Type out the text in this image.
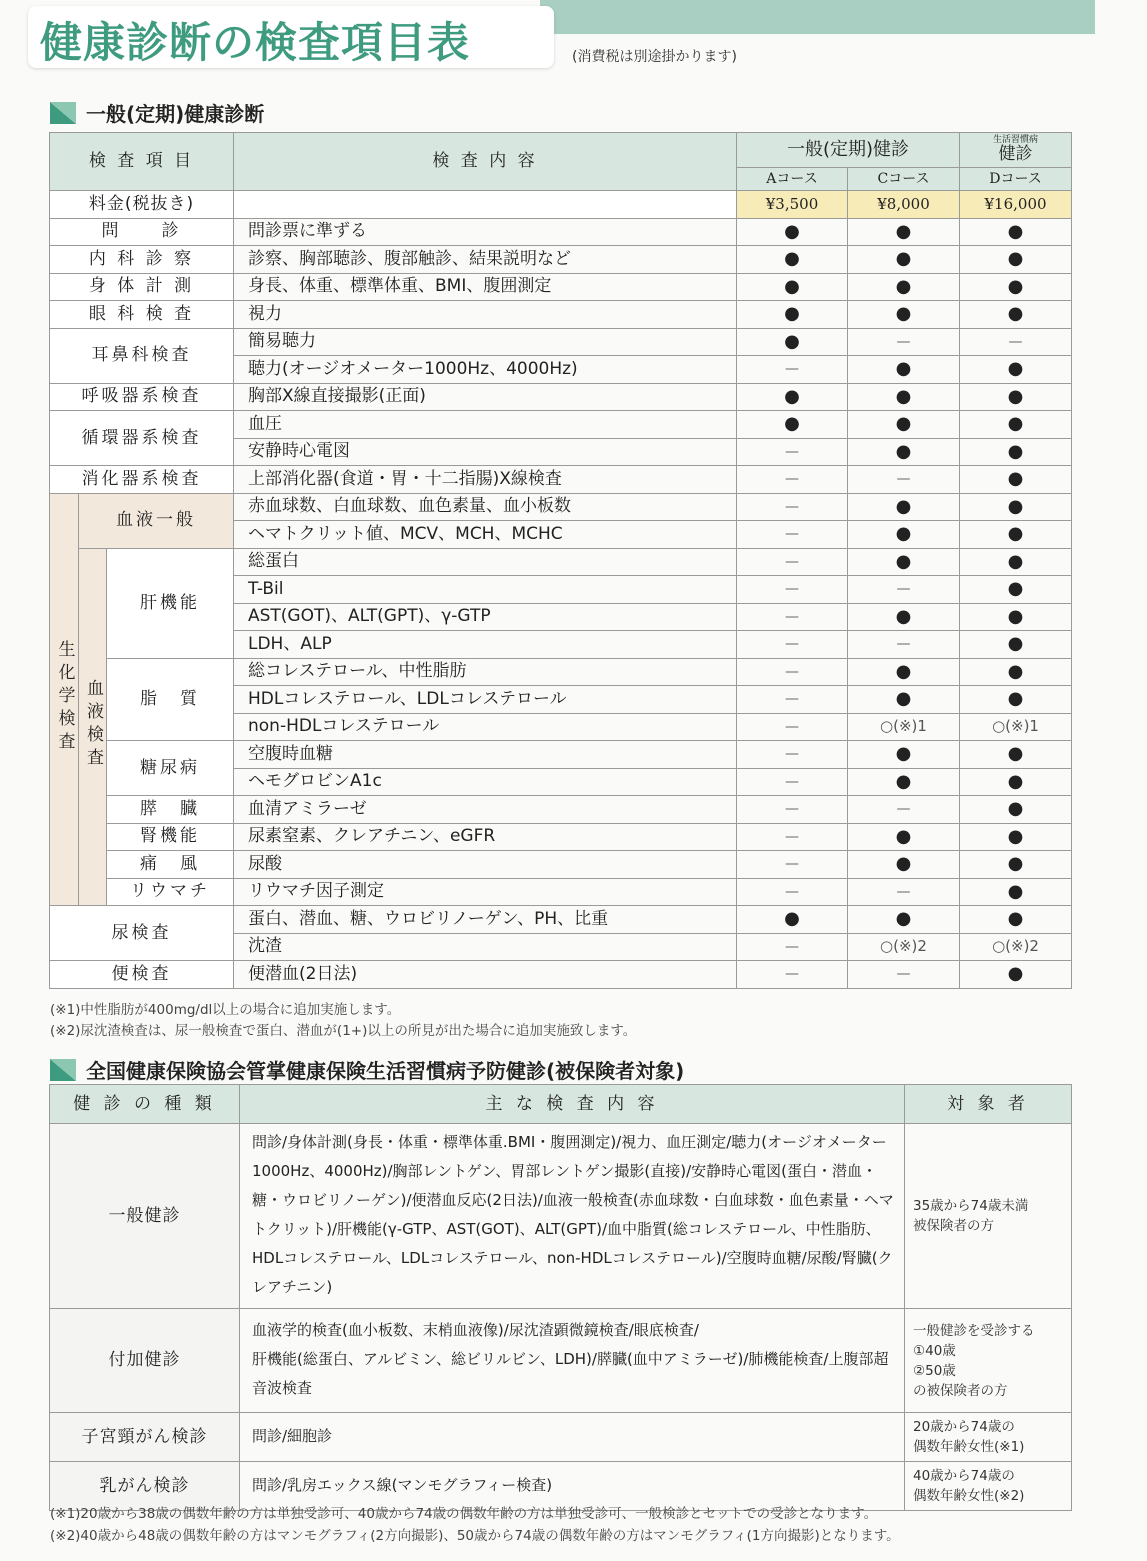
健康診断の検査項目表	(消費税は別途掛かります)
一般(定期)健康診断
検 査 項 目			検 査 内 容	一般(定期)健診		生活習慣病
健診

				Aコース	Cコース	Dコース
料金(税抜き)				¥3,500	¥8,000	¥16,000
問　　診			問診票に準ずる	●	●	●
内 科 診 察			診察、胸部聴診、腹部触診、結果説明など	●	●	●
身 体 計 測			身長、体重、標準体重、BMI、腹囲測定	●	●	●
眼 科 検 査			視力	●	●	●
耳鼻科検査			簡易聴力	●	—	—
			聴力(オージオメーター1000Hz、4000Hz)	—	●	●
呼吸器系検査			胸部X線直接撮影(正面)	●	●	●
循環器系検査			血圧	●	●	●
			安静時心電図	—	●	●
消化器系検査			上部消化器(食道・胃・十二指腸)X線検査	—	—	●
生化学検査	血液一般		赤血球数、白血球数、血色素量、血小板数	—	●	●
			ヘマトクリット値、MCV、MCH、MCHC	—	●	●
	血液検査	肝機能	総蛋白	—	●	●
			T-Bil	—	—	●
			AST(GOT)、ALT(GPT)、γ-GTP	—	●	●
			LDH、ALP	—	—	●
		脂　質	総コレステロール、中性脂肪	—	●	●
			HDLコレステロール、LDLコレステロール	—	●	●
			non-HDLコレステロール	—	○(※)1	○(※)1
		糖尿病	空腹時血糖	—	●	●
			ヘモグロビンA1c	—	●	●
		膵　臓	血清アミラーゼ	—	—	●
		腎機能	尿素窒素、クレアチニン、eGFR	—	●	●
		痛　風	尿酸	—	●	●
		リウマチ	リウマチ因子測定	—	—	●
尿検査			蛋白、潜血、糖、ウロビリノーゲン、PH、比重	●	●	●
			沈渣	—	○(※)2	○(※)2
便検査			便潜血(2日法)	—	—	●
(※1)中性脂肪が400mg/dl以上の場合に追加実施します。
(※2)尿沈渣検査は、尿一般検査で蛋白、潜血が(1+)以上の所見が出た場合に追加実施致します。
全国健康保険協会管掌健康保険生活習慣病予防健診(被保険者対象)
健 診 の 種 類	主 な 検 査 内 容	対 象 者
一般健診	問診/身体計測(身長・体重・標準体重.BMI・腹囲測定)/視力、血圧測定/聴力(オージオメーター1000Hz、4000Hz)/胸部レントゲン、胃部レントゲン撮影(直接)/安静時心電図(蛋白・潜血・糖・ウロビリノーゲン)/便潜血反応(2日法)/血液一般検査(赤血球数・白血球数・血色素量・ヘマトクリット)/肝機能(γ-GTP、AST(GOT)、ALT(GPT)/血中脂質(総コレステロール、中性脂肪、HDLコレステロール、LDLコレステロール、non-HDLコレステロール)/空腹時血糖/尿酸/腎臓(クレアチニン)	35歳から74歳未満
被保険者の方
付加健診	血液学的検査(血小板数、末梢血液像)/尿沈渣顕微鏡検査/眼底検査/
肝機能(総蛋白、アルビミン、総ビリルビン、LDH)/膵臓(血中アミラーゼ)/肺機能検査/上腹部超音波検査	一般健診を受診する
①40歳
②50歳
の被保険者の方
子宮頸がん検診	問診/細胞診	20歳から74歳の
偶数年齢女性(※1)
乳がん検診	問診/乳房エックス線(マンモグラフィー検査)	40歳から74歳の
偶数年齢女性(※2)
(※1)20歳から38歳の偶数年齢の方は単独受診可、40歳から74歳の偶数年齢の方は単独受診可、一般検診とセットでの受診となります。
(※2)40歳から48歳の偶数年齢の方はマンモグラフィ(2方向撮影)、50歳から74歳の偶数年齢の方はマンモグラフィ(1方向撮影)となります。
